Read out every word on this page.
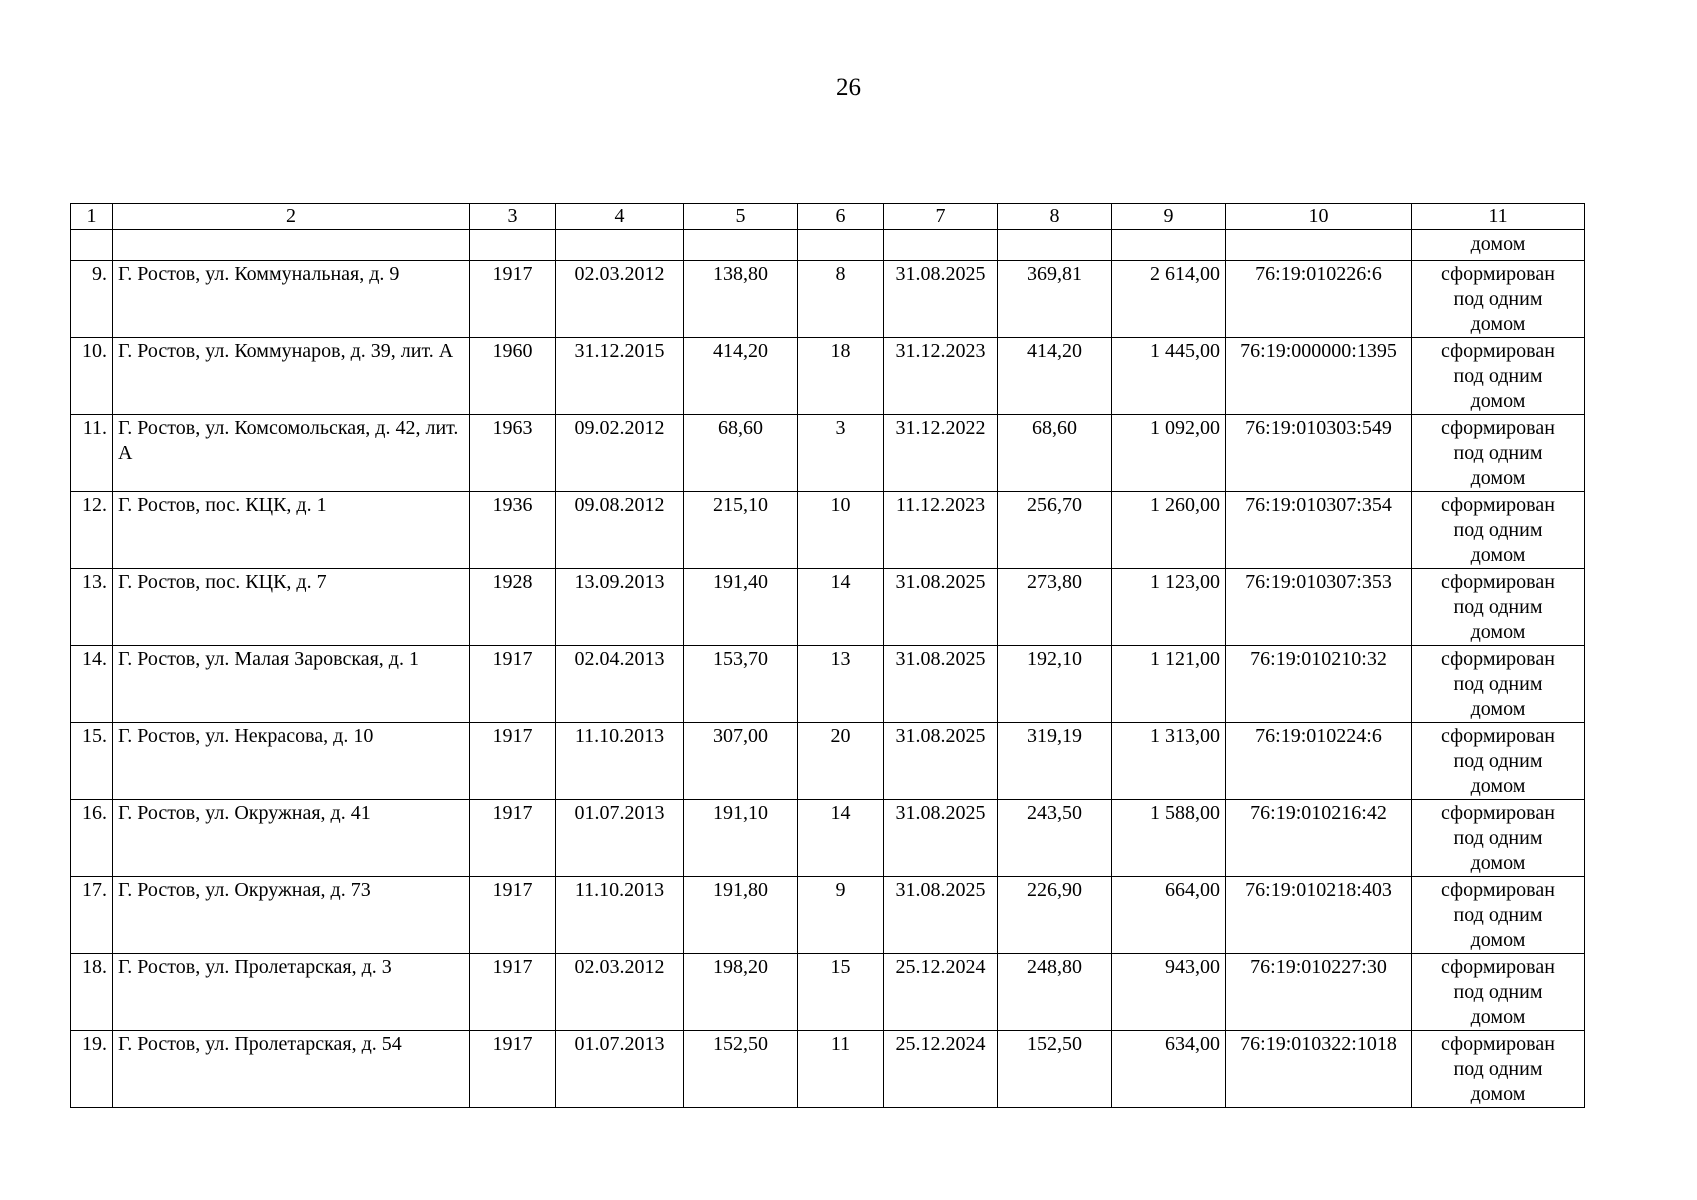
26
1	2	3	4	5	6	7	8	9	10	11
										домом
9.	Г. Ростов, ул. Коммунальная, д. 9	1917	02.03.2012	138,80	8	31.08.2025	369,81	2 614,00	76:19:010226:6	сформирован
под одним
домом

10.	Г. Ростов, ул. Коммунаров, д. 39, лит. А	1960	31.12.2015	414,20	18	31.12.2023	414,20	1 445,00	76:19:000000:1395	сформирован
под одним
домом

11.	Г. Ростов, ул. Комсомольская, д. 42, лит. А	1963	09.02.2012	68,60	3	31.12.2022	68,60	1 092,00	76:19:010303:549	сформирован
под одним
домом

12.	Г. Ростов, пос. КЦК, д. 1	1936	09.08.2012	215,10	10	11.12.2023	256,70	1 260,00	76:19:010307:354	сформирован
под одним
домом

13.	Г. Ростов, пос. КЦК, д. 7	1928	13.09.2013	191,40	14	31.08.2025	273,80	1 123,00	76:19:010307:353	сформирован
под одним
домом

14.	Г. Ростов, ул. Малая Заровская, д. 1	1917	02.04.2013	153,70	13	31.08.2025	192,10	1 121,00	76:19:010210:32	сформирован
под одним
домом

15.	Г. Ростов, ул. Некрасова, д. 10	1917	11.10.2013	307,00	20	31.08.2025	319,19	1 313,00	76:19:010224:6	сформирован
под одним
домом

16.	Г. Ростов, ул. Окружная, д. 41	1917	01.07.2013	191,10	14	31.08.2025	243,50	1 588,00	76:19:010216:42	сформирован
под одним
домом

17.	Г. Ростов, ул. Окружная, д. 73	1917	11.10.2013	191,80	9	31.08.2025	226,90	664,00	76:19:010218:403	сформирован
под одним
домом

18.	Г. Ростов, ул. Пролетарская, д. 3	1917	02.03.2012	198,20	15	25.12.2024	248,80	943,00	76:19:010227:30	сформирован
под одним
домом

19.	Г. Ростов, ул. Пролетарская, д. 54	1917	01.07.2013	152,50	11	25.12.2024	152,50	634,00	76:19:010322:1018	сформирован
под одним
домом
